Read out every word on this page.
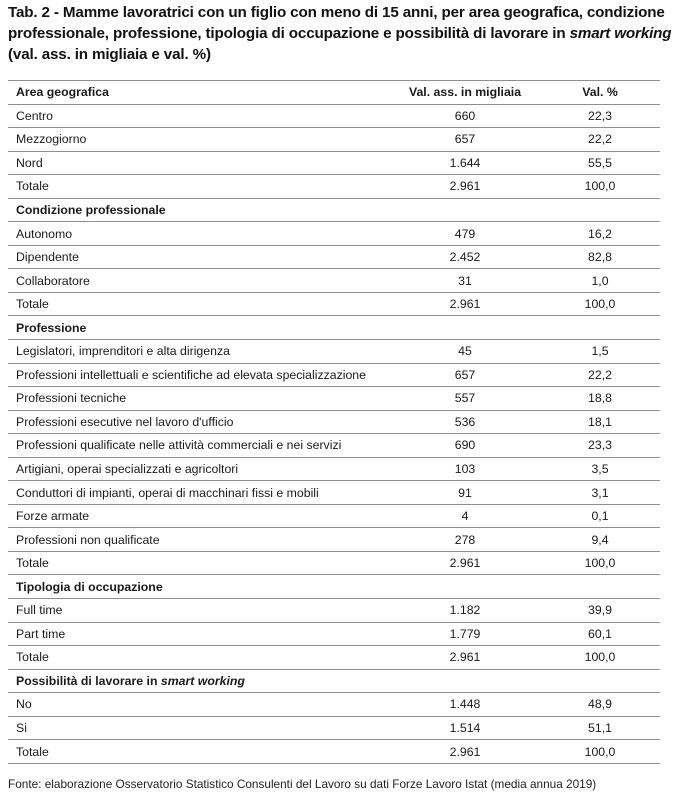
Tab. 2 - Mamme lavoratrici con un figlio con meno di 15 anni, per area geografica, condizione professionale, professione, tipologia di occupazione e possibilità di lavorare in smart working
(val. ass. in migliaia e val. %)
Area geografica	Val. ass. in migliaia	Val. %
Centro	660	22,3
Mezzogiorno	657	22,2
Nord	1.644	55,5
Totale	2.961	100,0
Condizione professionale		
Autonomo	479	16,2
Dipendente	2.452	82,8
Collaboratore	31	1,0
Totale	2.961	100,0
Professione		
Legislatori, imprenditori e alta dirigenza	45	1,5
Professioni intellettuali e scientifiche ad elevata specializzazione	657	22,2
Professioni tecniche	557	18,8
Professioni esecutive nel lavoro d'ufficio	536	18,1
Professioni qualificate nelle attività commerciali e nei servizi	690	23,3
Artigiani, operai specializzati e agricoltori	103	3,5
Conduttori di impianti, operai di macchinari fissi e mobili	91	3,1
Forze armate	4	0,1
Professioni non qualificate	278	9,4
Totale	2.961	100,0
Tipologia di occupazione		
Full time	1.182	39,9
Part time	1.779	60,1
Totale	2.961	100,0
Possibilità di lavorare in smart working		
No	1.448	48,9
Si	1.514	51,1
Totale	2.961	100,0
Fonte: elaborazione Osservatorio Statistico Consulenti del Lavoro su dati Forze Lavoro Istat (media annua 2019)
